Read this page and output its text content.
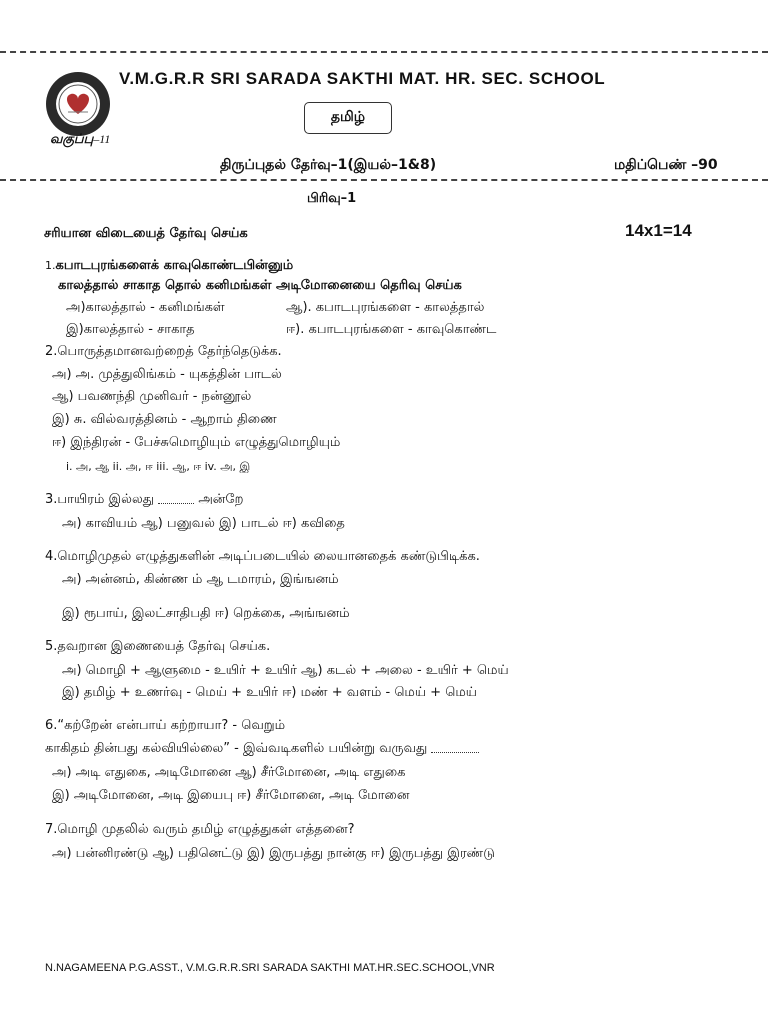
V.M.G.R.R SRI SARADA SAKTHI MAT. HR. SEC. SCHOOL
தமிழ்
வகுப்பு–11
திருப்புதல் தேர்வு–1(இயல்–1&8)	மதிப்பெண் –90
பிரிவு–1
சரியான விடையைத் தேர்வு செய்க	14x1=14
1.கபாடபுரங்களைக் காவுகொண்டபின்னும்
காலத்தால் சாகாத தொல் கனிமங்கள் அடிமோனையை தெரிவு செய்க
அ)காலத்தால் - கனிமங்கள்	ஆ). கபாடபுரங்களை - காலத்தால்
இ)காலத்தால் - சாகாத	ஈ). கபாடபுரங்களை - காவுகொண்ட
2.பொருத்தமானவற்றைத் தேர்ந்தெடுக்க.
அ) அ. முத்துலிங்கம் - யுகத்தின் பாடல்
ஆ) பவணந்தி முனிவர் - நன்னூல்
இ) சு. வில்வரத்தினம் - ஆறாம் திணை
ஈ) இந்திரன் - பேச்சுமொழியும் எழுத்துமொழியும்
i. அ, ஆ ii. அ, ஈ iii. ஆ, ஈ iv. அ, இ
3.பாயிரம் இல்லது	அன்றே
அ) காவியம் ஆ) பனுவல் இ) பாடல் ஈ) கவிதை
4.மொழிமுதல் எழுத்துகளின் அடிப்படையில் லையானதைக் கண்டுபிடிக்க.
அ) அன்னம், கிண்ண ம் ஆ டமாரம், இங்ஙனம்
இ) ரூபாய், இலட்சாதிபதி ஈ) றெக்கை, அங்ஙனம்
5.தவறான இணையைத் தேர்வு செய்க.
அ) மொழி + ஆளுமை - உயிர் + உயிர் ஆ) கடல் + அலை - உயிர் + மெய்
இ) தமிழ் + உணர்வு - மெய் + உயிர் ஈ) மண் + வளம் - மெய் + மெய்
6.“கற்றேன் என்பாய் கற்றாயா? - வெறும்
காகிதம் தின்பது கல்வியில்லை” - இவ்வடிகளில் பயின்று வருவது
அ) அடி எதுகை, அடிமோனை ஆ) சீர்மோனை, அடி எதுகை
இ) அடிமோனை, அடி இயைபு ஈ) சீர்மோனை, அடி மோனை
7.மொழி முதலில் வரும் தமிழ் எழுத்துகள் எத்தனை?
அ) பன்னிரண்டு ஆ) பதினெட்டு இ) இருபத்து நான்கு ஈ) இருபத்து இரண்டு
N.NAGAMEENA P.G.ASST., V.M.G.R.R.SRI SARADA SAKTHI MAT.HR.SEC.SCHOOL,VNR
